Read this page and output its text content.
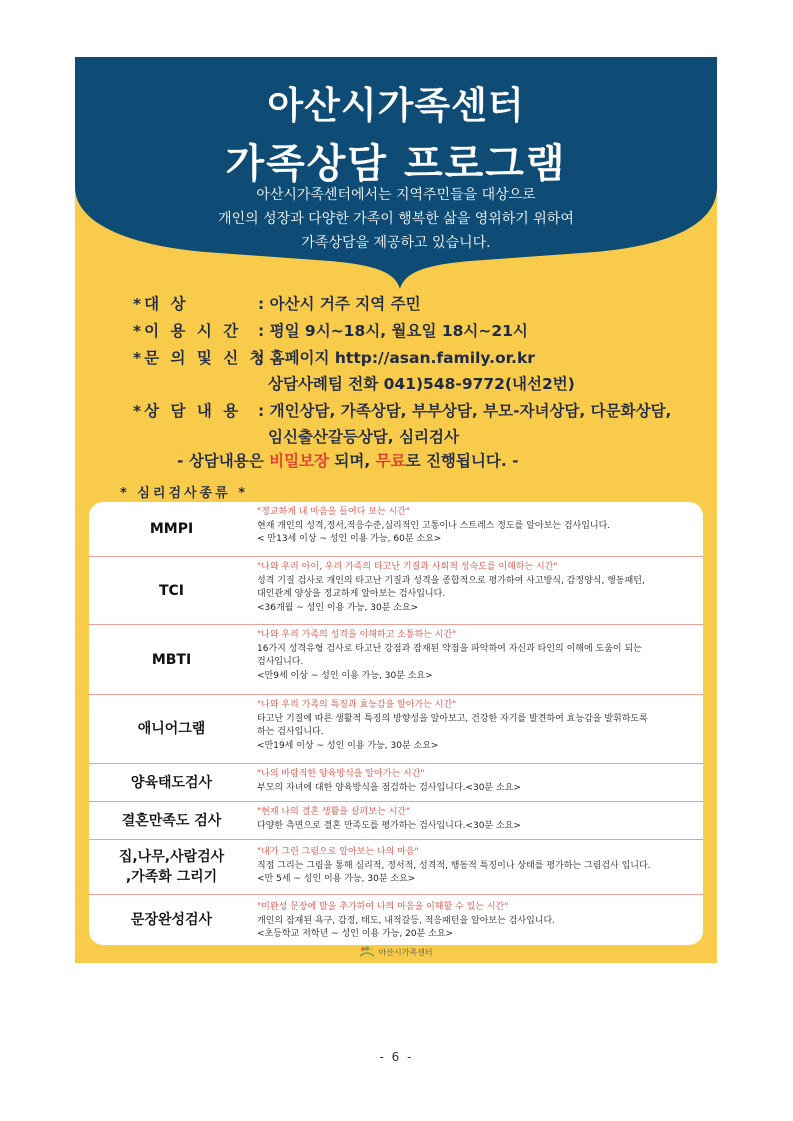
아산시가족센터
가족상담 프로그램
아산시가족센터에서는 지역주민들을 대상으로
개인의 성장과 다양한 가족이 행복한 삶을 영위하기 위하여
가족상담을 제공하고 있습니다.
*대 상	: 아산시 거주 지역 주민
*이 용 시 간 : 평일 9시~18시, 월요일 18시~21시
*문 의 및 신 청: 홈페이지 http://asan.family.or.kr
상담사례팀 전화 041)548-9772(내선2번)
*상 담 내 용 : 개인상담, 가족상담, 부부상담, 부모-자녀상담, 다문화상담,
임신출산갈등상담, 심리검사
- 상담내용은 비밀보장 되며, 무료로 진행됩니다. -
* 심리검사종류 *
MMPI
"정교하게 내 마음을 들여다 보는 시간"
현재 개인의 성격,정서,적응수준,심리적인 고통이나 스트레스 정도를 알아보는 검사입니다.
< 만13세 이상 ~ 성인 이용 가능, 60분 소요>
TCI
"나와 우리 아이, 우리 가족의 타고난 기질과 사회적 성숙도를 이해하는 시간"
성격 기질 검사로 개인의 타고난 기질과 성격을 종합적으로 평가하여 사고방식, 감정양식, 행동패턴,
대인관계 양상을 정교하게 알아보는 검사입니다.
<36개월 ~ 성인 이용 가능, 30분 소요>
MBTI
"나와 우리 가족의 성격을 이해하고 소통하는 시간"
16가지 성격유형 검사로 타고난 강점과 잠재된 약점을 파악하여 자신과 타인의 이해에 도움이 되는
검사입니다.
<만9세 이상 ~ 성인 이용 가능, 30분 소요>
애니어그램
"나와 우리 가족의 특징과 효능감을 알아가는 시간"
타고난 기질에 따른 생활적 특징의 방향성을 알아보고, 건강한 자기를 발견하여 효능감을 발휘하도록
하는 검사입니다.
<만19세 이상 ~ 성인 이용 가능, 30분 소요>
양육태도검사
"나의 바람직한 양육방식을 알아가는 시간"
부모의 자녀에 대한 양육방식을 점검하는 검사입니다.<30분 소요>
결혼만족도 검사
"현재 나의 결혼 생활을 살펴보는 시간"
다양한 측면으로 결혼 만족도를 평가하는 검사입니다.<30분 소요>
집,나무,사람검사
,가족화 그리기
"내가 그린 그림으로 알아보는 나의 마음"
직접 그리는 그림을 통해 심리적, 정서적, 성격적, 행동적 특징이나 상태를 평가하는 그림검사 입니다.
<만 5세 ~ 성인 이용 가능, 30분 소요>
문장완성검사
"미완성 문장에 말을 추가하여 나의 마음을 이해할 수 있는 시간"
개인의 잠재된 욕구, 감정, 태도, 내적갈등, 적응패턴을 알아보는 검사입니다.
<초등학교 저학년 ~ 성인 이용 가능, 20분 소요>
아산시가족센터
- 6 -
